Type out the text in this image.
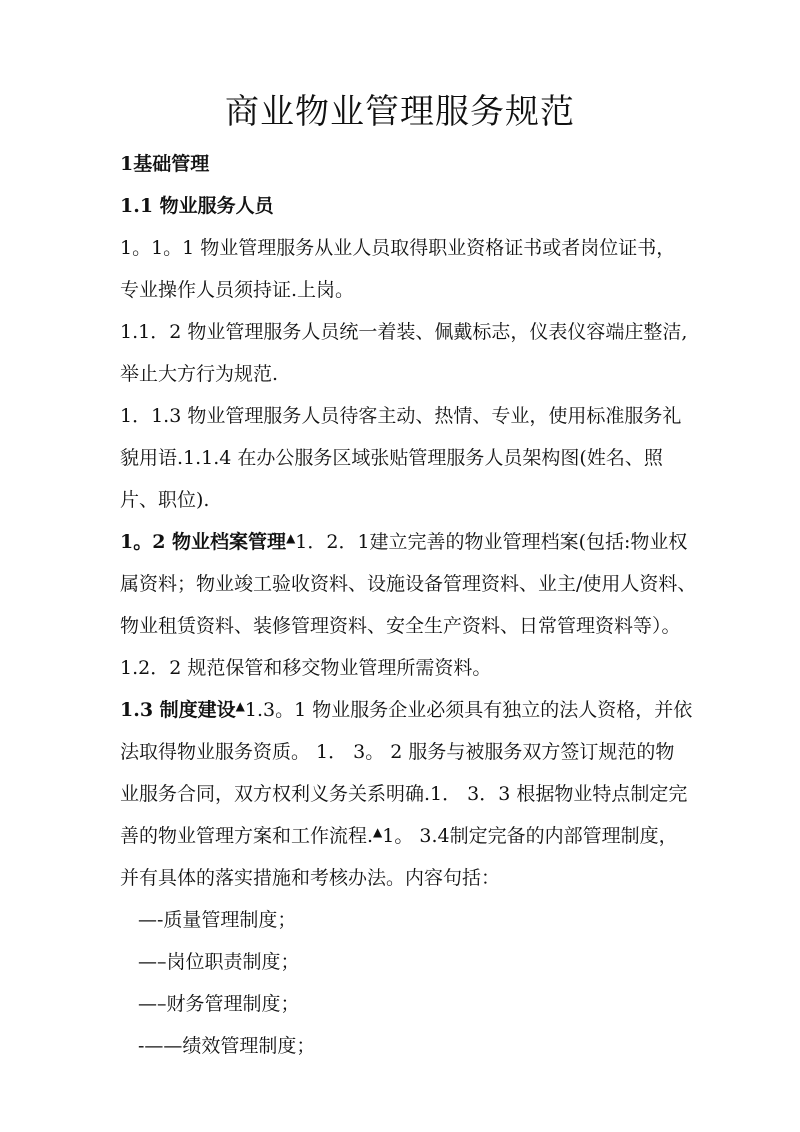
商业物业管理服务规范

1基础管理

1.1 物业服务人员

1。1。1 物业管理服务从业人员取得职业资格证书或者岗位证书，

专业操作人员须持证.上岗。

1.1．2 物业管理服务人员统一着装、佩戴标志，仪表仪容端庄整洁,

举止大方行为规范.

1．1.3 物业管理服务人员待客主动、热情、专业，使用标准服务礼

貌用语.1.1.4 在办公服务区域张贴管理服务人员架构图(姓名、照

片、职位).

1。2 物业档案管理▲1．2．1建立完善的物业管理档案(包括:物业权

属资料；物业竣工验收资料、设施设备管理资料、业主/使用人资料、

物业租赁资料、装修管理资料、安全生产资料、日常管理资料等）。

1.2．2 规范保管和移交物业管理所需资料。

1.3 制度建设▲1.3。1 物业服务企业必须具有独立的法人资格，并依

法取得物业服务资质。 1． 3。 2 服务与被服务双方签订规范的物

业服务合同，双方权利义务关系明确.1． 3．3 根据物业特点制定完

善的物业管理方案和工作流程.▲1。 3.4制定完备的内部管理制度，

并有具体的落实措施和考核办法。内容句括：

—-质量管理制度；

—–岗位职责制度；

—–财务管理制度；

-——绩效管理制度；
